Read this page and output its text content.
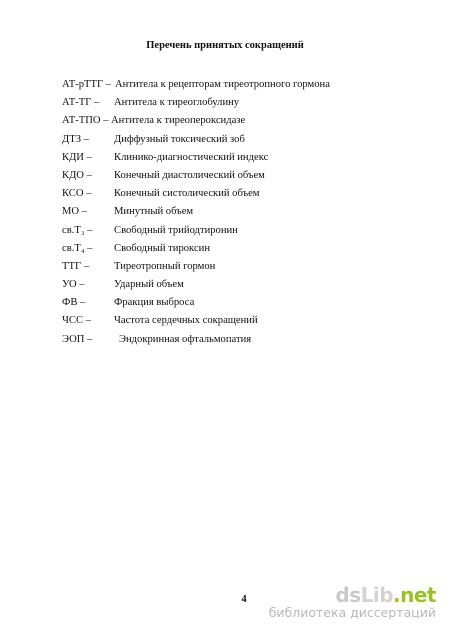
Перечень принятых сокращений
АТ-рТТГ – Антитела к рецепторам тиреотропного гормона
АТ-ТГ – Антитела к тиреоглобулину
АТ-ТПО – Антитела к тиреопероксидазе
ДТЗ – Диффузный токсический зоб
КДИ – Клинико-диагностический индекс
КДО – Конечный диастолический объем
КСО – Конечный систолический объем
МО –	Минутный объем
св.T₃ – Свободный трийодтиронин
св.T₄ – Свободный тироксин
ТТГ – Тиреотропный гормон
УО –	Ударный объем
ФВ –	Фракция выброса
ЧСС – Частота сердечных сокращений
ЭОП –	Эндокринная офтальмопатия
4	dsLib.net
библиотека диссертаций
